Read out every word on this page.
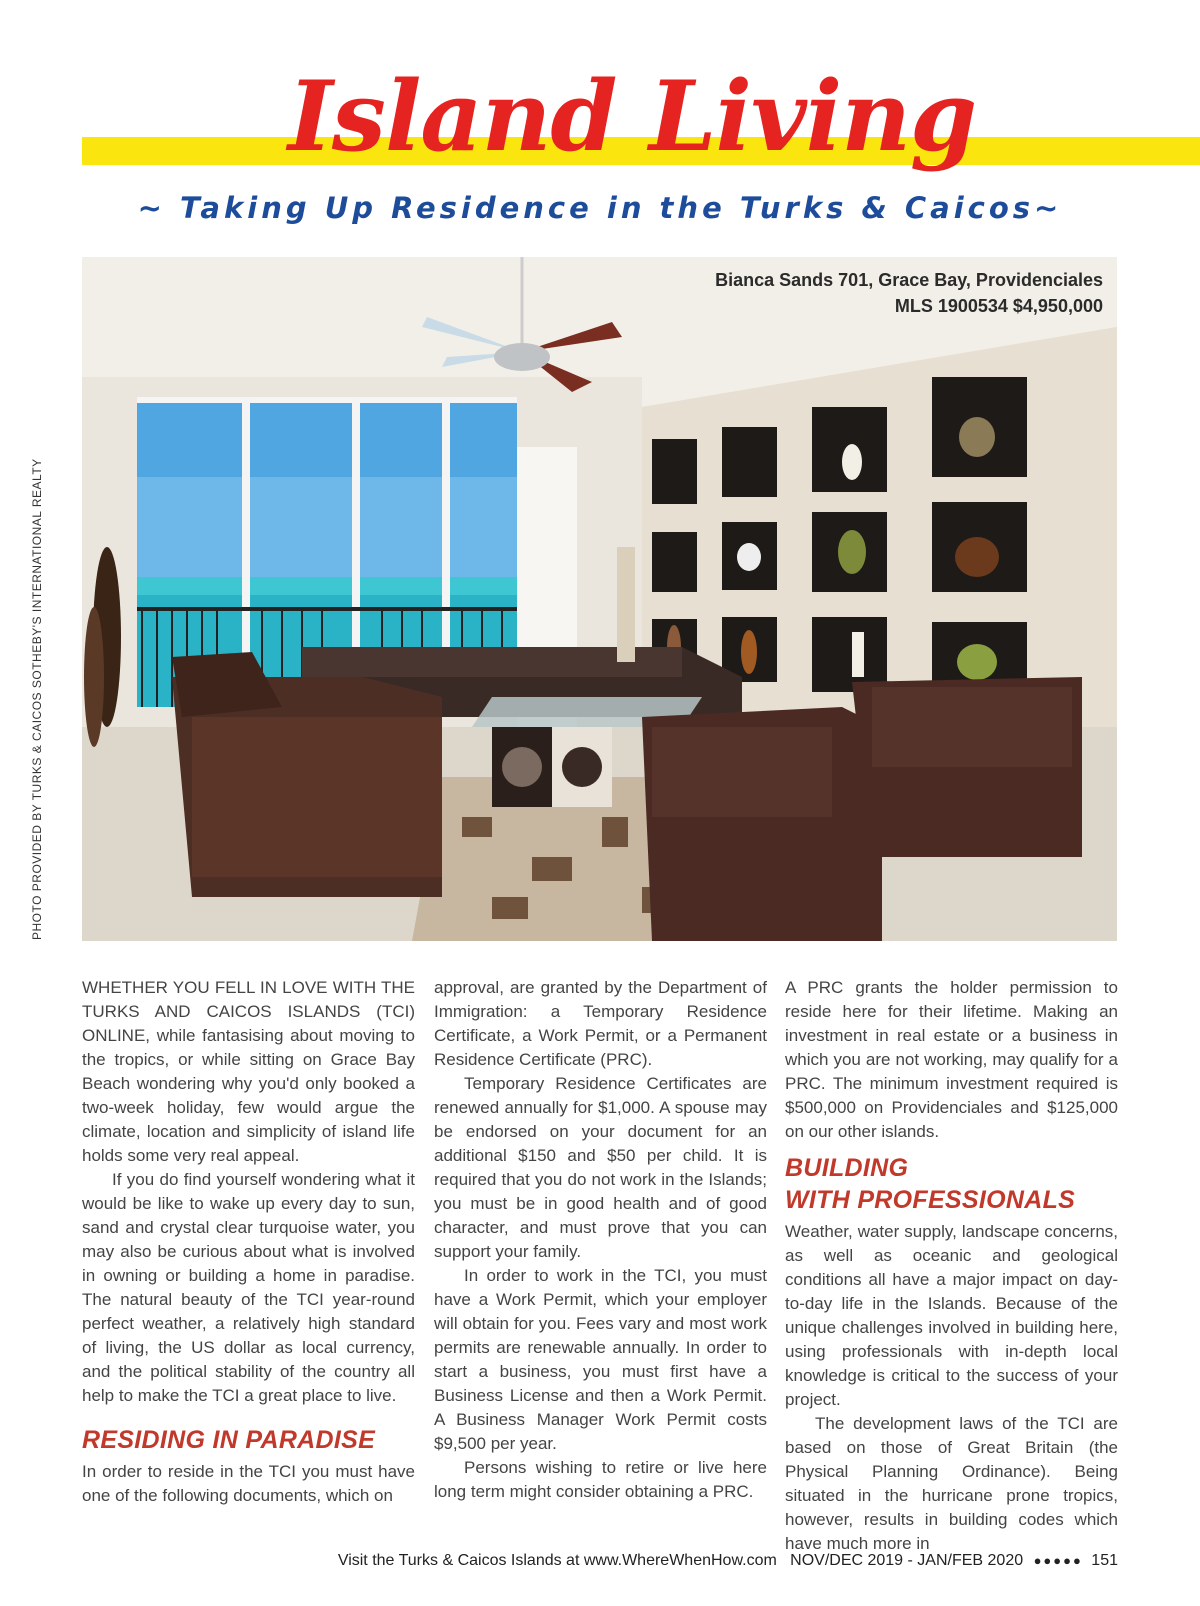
Island Living
~ Taking Up Residence in the Turks & Caicos~
PHOTO PROVIDED BY TURKS & CAICOS SOTHEBY'S INTERNATIONAL REALTY
Bianca Sands 701, Grace Bay, Providenciales
MLS 1900534 $4,950,000

WHETHER YOU FELL IN LOVE WITH THE TURKS AND CAICOS ISLANDS (TCI) ONLINE, while fantasising about moving to the tropics, or while sitting on Grace Bay Beach wondering why you'd only booked a two-week holiday, few would argue the climate, location and simplicity of island life holds some very real appeal.

If you do find yourself wondering what it would be like to wake up every day to sun, sand and crystal clear turquoise water, you may also be curious about what is involved in owning or building a home in paradise. The natural beauty of the TCI year-round perfect weather, a relatively high standard of living, the US dollar as local currency, and the political stability of the country all help to make the TCI a great place to live.

RESIDING IN PARADISE

In order to reside in the TCI you must have one of the following documents, which on

approval, are granted by the Department of Immigration: a Temporary Residence Certificate, a Work Permit, or a Permanent Residence Certificate (PRC).

Temporary Residence Certificates are renewed annually for $1,000. A spouse may be endorsed on your document for an additional $150 and $50 per child. It is required that you do not work in the Islands; you must be in good health and of good character, and must prove that you can support your family.

In order to work in the TCI, you must have a Work Permit, which your employer will obtain for you. Fees vary and most work permits are renewable annually. In order to start a business, you must first have a Business License and then a Work Permit. A Business Manager Work Permit costs $9,500 per year.

Persons wishing to retire or live here long term might consider obtaining a PRC.

A PRC grants the holder permission to reside here for their lifetime. Making an investment in real estate or a business in which you are not working, may qualify for a PRC. The minimum investment required is $500,000 on Providenciales and $125,000 on our other islands.

BUILDING
WITH PROFESSIONALS

Weather, water supply, landscape concerns, as well as oceanic and geological conditions all have a major impact on day-to-day life in the Islands. Because of the unique challenges involved in building here, using professionals with in-depth local knowledge is critical to the success of your project.

The development laws of the TCI are based on those of Great Britain (the Physical Planning Ordinance). Being situated in the hurricane prone tropics, however, results in building codes which have much more in

Visit the Turks & Caicos Islands at www.WhereWhenHow.com NOV/DEC 2019 - JAN/FEB 2020 ●●●●● 151
